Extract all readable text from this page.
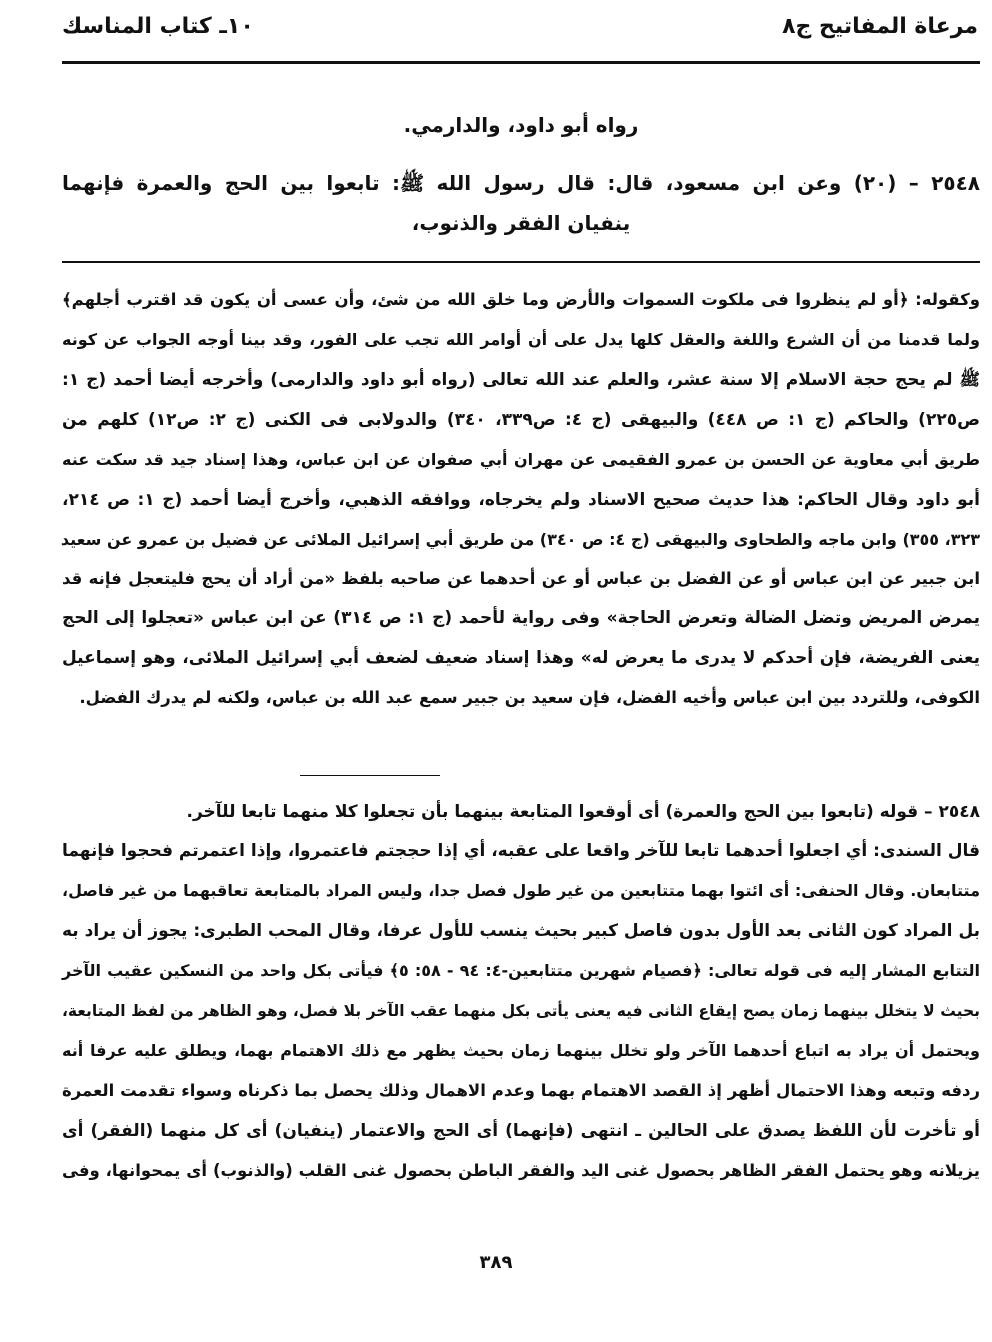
مرعاة المفاتيح ج٨
١٠ـ كتاب المناسك
رواه أبو داود، والدارمي.
٢٥٤٨ – (٢٠) وعن ابن مسعود، قال: قال رسول الله ﷺ: تابعوا بين الحج والعمرة فإنهما
ينفيان الفقر والذنوب،
وكقوله: ﴿أو لم ينظروا فى ملكوت السموات والأرض وما خلق الله من شئ، وأن عسى أن يكون قد اقترب أجلهم﴾
ولما قدمنا من أن الشرع واللغة والعقل كلها يدل على أن أوامر الله تجب على الفور، وقد بينا أوجه الجواب عن كونه
ﷺ لم يحج حجة الاسلام إلا سنة عشر، والعلم عند الله تعالى (رواه أبو داود والدارمى) وأخرجه أيضا أحمد (ج ١:
ص٢٢٥) والحاكم (ج ١: ص ٤٤٨) والبيهقى (ج ٤: ص٣٣٩، ٣٤٠) والدولابى فى الكنى (ج ٢: ص١٢) كلهم من
طريق أبي معاوية عن الحسن بن عمرو الفقيمى عن مهران أبي صفوان عن ابن عباس، وهذا إسناد جيد قد سكت عنه
أبو داود وقال الحاكم: هذا حديث صحيح الاسناد ولم يخرجاه، ووافقه الذهبي، وأخرج أيضا أحمد (ج ١: ص ٢١٤،
٣٢٣، ٣٥٥) وابن ماجه والطحاوى والبيهقى (ج ٤: ص ٣٤٠) من طريق أبي إسرائيل الملائى عن فضيل بن عمرو عن سعيد
ابن جبير عن ابن عباس أو عن الفضل بن عباس أو عن أحدهما عن صاحبه بلفظ «من أراد أن يحج فليتعجل فإنه قد
يمرض المريض وتضل الضالة وتعرض الحاجة» وفى رواية لأحمد (ج ١: ص ٣١٤) عن ابن عباس «تعجلوا إلى الحج
يعنى الفريضة، فإن أحدكم لا يدرى ما يعرض له» وهذا إسناد ضعيف لضعف أبي إسرائيل الملائى، وهو إسماعيل
الكوفى، وللتردد بين ابن عباس وأخيه الفضل، فإن سعيد بن جبير سمع عبد الله بن عباس، ولكنه لم يدرك الفضل.
٢٥٤٨ – قوله (تابعوا بين الحج والعمرة) أى أوقعوا المتابعة بينهما بأن تجعلوا كلا منهما تابعا للآخر.
قال السندى: أي اجعلوا أحدهما تابعا للآخر واقعا على عقبه، أي إذا حججتم فاعتمروا، وإذا اعتمرتم فحجوا فإنهما
متتابعان. وقال الحنفى: أى ائتوا بهما متتابعين من غير طول فصل جدا، وليس المراد بالمتابعة تعاقبهما من غير فاصل،
بل المراد كون الثانى بعد الأول بدون فاصل كبير بحيث ينسب للأول عرفا، وقال المحب الطبرى: يجوز أن يراد به
التتابع المشار إليه فى قوله تعالى: ﴿فصيام شهرين متتابعين-٤: ٩٤ - ٥٨: ٥﴾ فيأتى بكل واحد من النسكين عقيب الآخر
بحيث لا يتخلل بينهما زمان يصح إيقاع الثانى فيه يعنى يأتى بكل منهما عقب الآخر بلا فصل، وهو الظاهر من لفظ المتابعة،
ويحتمل أن يراد به اتباع أحدهما الآخر ولو تخلل بينهما زمان بحيث يظهر مع ذلك الاهتمام بهما، ويطلق عليه عرفا أنه
ردفه وتبعه وهذا الاحتمال أظهر إذ القصد الاهتمام بهما وعدم الاهمال وذلك يحصل بما ذكرناه وسواء تقدمت العمرة
أو تأخرت لأن اللفظ يصدق على الحالين ـ انتهى (فإنهما) أى الحج والاعتمار (ينفيان) أى كل منهما (الفقر) أى
يزيلانه وهو يحتمل الفقر الظاهر بحصول غنى اليد والفقر الباطن بحصول غنى القلب (والذنوب) أى يمحوانها، وفى
٣٨٩
